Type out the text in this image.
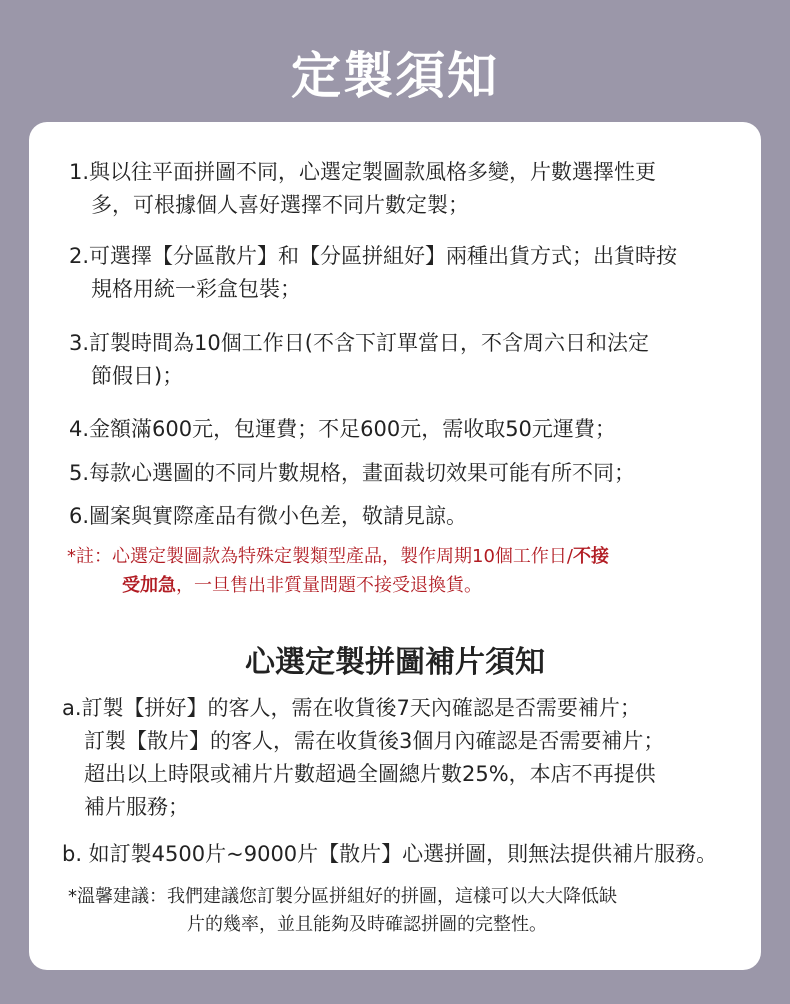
定製須知
1.與以往平面拼圖不同，心選定製圖款風格多變，片數選擇性更
多，可根據個人喜好選擇不同片數定製；
2.可選擇【分區散片】和【分區拼組好】兩種出貨方式；出貨時按
規格用統一彩盒包裝；
3.訂製時間為10個工作日(不含下訂單當日，不含周六日和法定
節假日)；
4.金額滿600元，包運費；不足600元，需收取50元運費；
5.每款心選圖的不同片數規格，畫面裁切效果可能有所不同；
6.圖案與實際產品有微小色差，敬請見諒。
*註：心選定製圖款為特殊定製類型產品，製作周期10個工作日/不接
受加急，一旦售出非質量問題不接受退換貨。
心選定製拼圖補片須知
a.訂製【拼好】的客人，需在收貨後7天內確認是否需要補片；
訂製【散片】的客人，需在收貨後3個月內確認是否需要補片；
超出以上時限或補片片數超過全圖總片數25%，本店不再提供
補片服務；
b. 如訂製4500片~9000片【散片】心選拼圖，則無法提供補片服務。
*溫馨建議：我們建議您訂製分區拼組好的拼圖，這樣可以大大降低缺
片的幾率，並且能夠及時確認拼圖的完整性。
